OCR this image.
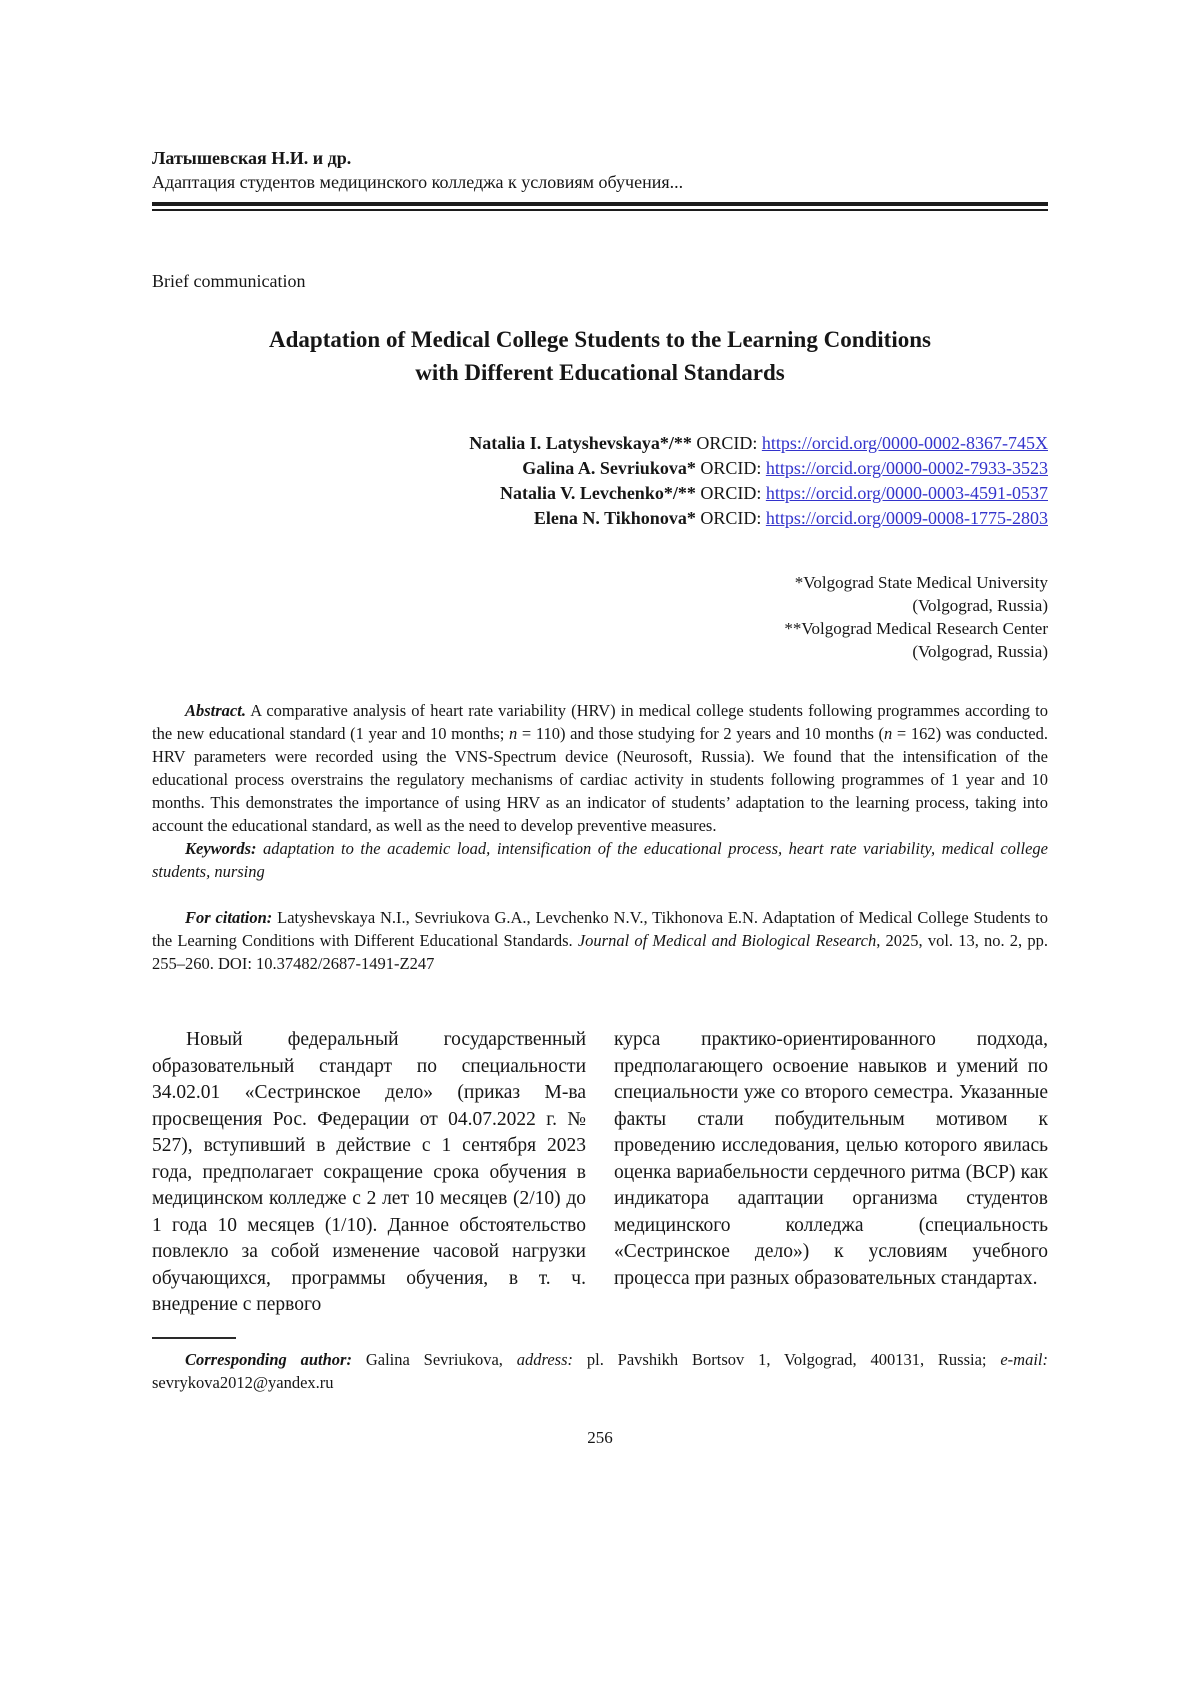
Латышевская Н.И. и др.
Адаптация студентов медицинского колледжа к условиям обучения...
Brief communication
Adaptation of Medical College Students to the Learning Conditions
with Different Educational Standards
Natalia I. Latyshevskaya*/** ORCID: https://orcid.org/0000-0002-8367-745X
Galina A. Sevriukova* ORCID: https://orcid.org/0000-0002-7933-3523
Natalia V. Levchenko*/** ORCID: https://orcid.org/0000-0003-4591-0537
Elena N. Tikhonova* ORCID: https://orcid.org/0009-0008-1775-2803
*Volgograd State Medical University
(Volgograd, Russia)
**Volgograd Medical Research Center
(Volgograd, Russia)

Abstract. A comparative analysis of heart rate variability (HRV) in medical college students following programmes according to the new educational standard (1 year and 10 months; n = 110) and those studying for 2 years and 10 months (n = 162) was conducted. HRV parameters were recorded using the VNS-Spectrum device (Neurosoft, Russia). We found that the intensification of the educational process overstrains the regulatory mechanisms of cardiac activity in students following programmes of 1 year and 10 months. This demonstrates the importance of using HRV as an indicator of students’ adaptation to the learning process, taking into account the educational standard, as well as the need to develop preventive measures.

Keywords: adaptation to the academic load, intensification of the educational process, heart rate variability, medical college students, nursing

For citation: Latyshevskaya N.I., Sevriukova G.A., Levchenko N.V., Tikhonova E.N. Adaptation of Medical College Students to the Learning Conditions with Different Educational Standards. Journal of Medical and Biological Research, 2025, vol. 13, no. 2, pp. 255–260. DOI: 10.37482/2687-1491-Z247

Новый федеральный государственный образовательный стандарт по специальности 34.02.01 «Сестринское дело» (приказ М-ва просвещения Рос. Федерации от 04.07.2022 г. № 527), вступивший в действие с 1 сентября 2023 года, предполагает сокращение срока обучения в медицинском колледже с 2 лет 10 месяцев (2/10) до 1 года 10 месяцев (1/10). Данное обстоятельство повлекло за собой изменение часовой нагрузки обучающихся, программы обучения, в т. ч. внедрение с первого

курса практико-ориентированного подхода, предполагающего освоение навыков и умений по специальности уже со второго семестра. Указанные факты стали побудительным мотивом к проведению исследования, целью которого явилась оценка вариабельности сердечного ритма (ВСР) как индикатора адаптации организма студентов медицинского колледжа (специальность «Сестринское дело») к условиям учебного процесса при разных образовательных стандартах.

Corresponding author: Galina Sevriukova, address: pl. Pavshikh Bortsov 1, Volgograd, 400131, Russia; e-mail: sevrykova2012@yandex.ru

256
